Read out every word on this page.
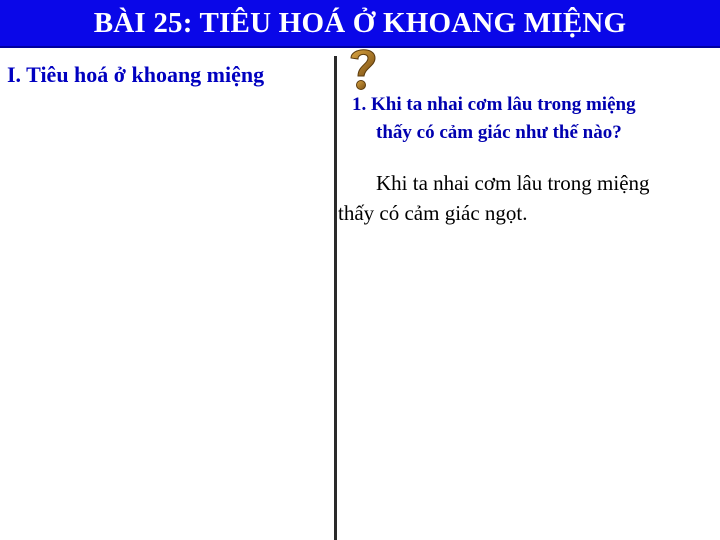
BÀI 25: TIÊU HOÁ Ở KHOANG MIỆNG
I. Tiêu hoá ở khoang miệng
1. Khi ta nhai cơm lâu trong miệng
thấy có cảm giác như thế nào?
Khi ta nhai cơm lâu trong miệng
thấy có cảm giác ngọt.
